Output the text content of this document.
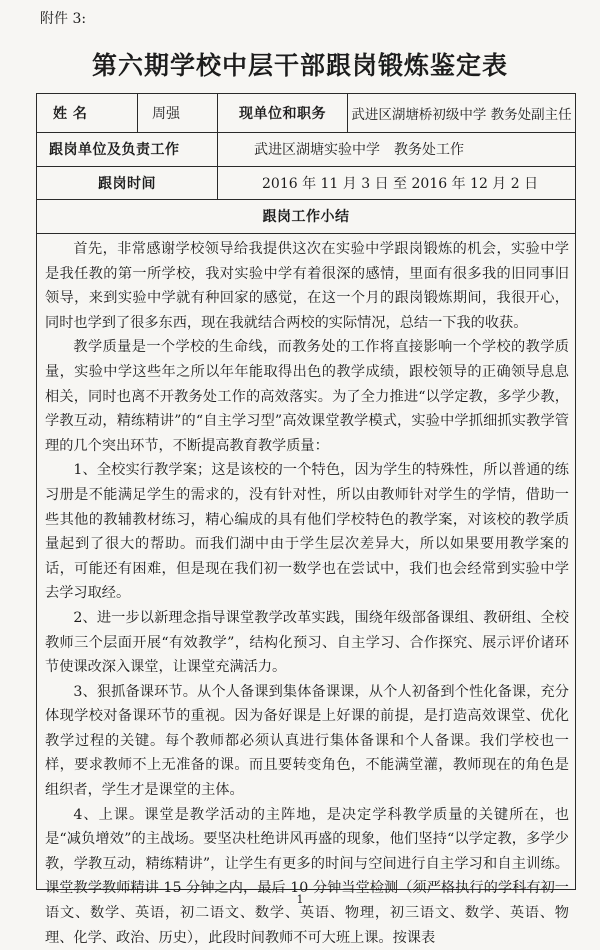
附件 3:
第六期学校中层干部跟岗锻炼鉴定表
姓 名	周强	现单位和职务	武进区湖塘桥初级中学 教务处副主任
跟岗单位及负责工作	武进区湖塘实验中学　教务处工作
跟岗时间	2016 年 11 月 3 日 至 2016 年 12 月 2 日
跟岗工作小结

首先，非常感谢学校领导给我提供这次在实验中学跟岗锻炼的机会，实验中学是我任教的第一所学校，我对实验中学有着很深的感情，里面有很多我的旧同事旧领导，来到实验中学就有种回家的感觉，在这一个月的跟岗锻炼期间，我很开心，同时也学到了很多东西，现在我就结合两校的实际情况，总结一下我的收获。

教学质量是一个学校的生命线，而教务处的工作将直接影响一个学校的教学质量，实验中学这些年之所以年年能取得出色的教学成绩，跟校领导的正确领导息息相关，同时也离不开教务处工作的高效落实。为了全力推进“以学定教，多学少教，学教互动，精练精讲”的“自主学习型”高效课堂教学模式，实验中学抓细抓实教学管理的几个突出环节，不断提高教育教学质量：

1、全校实行教学案；这是该校的一个特色，因为学生的特殊性，所以普通的练习册是不能满足学生的需求的，没有针对性，所以由教师针对学生的学情，借助一些其他的教辅教材练习，精心编成的具有他们学校特色的教学案，对该校的教学质量起到了很大的帮助。而我们湖中由于学生层次差异大，所以如果要用教学案的话，可能还有困难，但是现在我们初一数学也在尝试中，我们也会经常到实验中学去学习取经。

2、进一步以新理念指导课堂教学改革实践，围绕年级部备课组、教研组、全校教师三个层面开展“有效教学”，结构化预习、自主学习、合作探究、展示评价诸环节使课改深入课堂，让课堂充满活力。

3、狠抓备课环节。从个人备课到集体备课课，从个人初备到个性化备课，充分体现学校对备课环节的重视。因为备好课是上好课的前提，是打造高效课堂、优化教学过程的关键。每个教师都必须认真进行集体备课和个人备课。我们学校也一样，要求教师不上无准备的课。而且要转变角色，不能满堂灌，教师现在的角色是组织者，学生才是课堂的主体。

4、上课。课堂是教学活动的主阵地，是决定学科教学质量的关键所在，也是“减负增效”的主战场。要坚决杜绝讲风再盛的现象，他们坚持“以学定教，多学少教，学教互动，精练精讲”，让学生有更多的时间与空间进行自主学习和自主训练。课堂教学教师精讲 15 分钟之内，最后 10 分钟当堂检测（须严格执行的学科有初一语文、数学、英语，初二语文、数学、英语、物理，初三语文、数学、英语、物理、化学、政治、历史），此段时间教师不可大班上课。按课表

1
